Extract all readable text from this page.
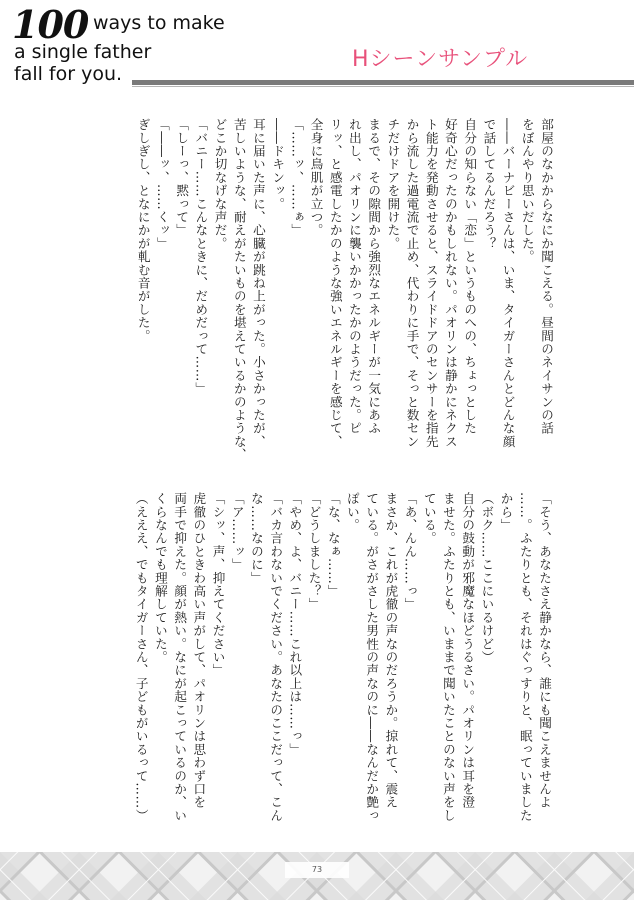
100 ways to make
a single father
fall for you.
Hシーンサンプル
部屋のなかからなにか聞こえる。昼間のネイサンの話
をぼんやり思いだした。
――バーナビーさんは、いま、タイガーさんとどんな顔
で話してるんだろう？
自分の知らない「恋」というものへの、ちょっとした
好奇心だったのかもしれない。パオリンは静かにネクス
ト能力を発動させると、スライドドアのセンサーを指先
から流した過電流で止め、代わりに手で、そっと数セン
チだけドアを開けた。
まるで、その隙間から強烈なエネルギーが一気にあふ
れ出し、パオリンに襲いかかったかのようだった。ピ
リッ、と感電したかのような強いエネルギーを感じて、
全身に鳥肌が立つ。
「……ッ、……ぁ」
――ドキンッ。
耳に届いた声に、心臓が跳ね上がった。小さかったが、
苦しいような、耐えがたいものを堪えているかのような、
どこか切なげな声だ。
「バニー……こんなときに、だめだって……」
「しーっ、黙って」
「――ッ、……くッ」
ぎしぎし、となにかが軋む音がした。
「そう、あなたさえ静かなら、誰にも聞こえませんよ
……。ふたりとも、それはぐっすりと、眠っていました
から」
（ボク……ここにいるけど）
自分の鼓動が邪魔なほどうるさい。パオリンは耳を澄
ませた。ふたりとも、いままで聞いたことのない声をし
ている。
「あ、んん……っ」
まさか、これが虎徹の声なのだろうか。掠れて、震え
ている。がさがさした男性の声なのに――なんだか艶っ
ぽい。
「な、なぁ……」
「どうしました？」
「やめ、よ、バニー……これ以上は……っ」
「バカ言わないでください。あなたのここだって、こん
な……なのに」
「ア……ッ」
「シッ、声、抑えてください」
虎徹のひときわ高い声がして、パオリンは思わず口を
両手で抑えた。顔が熱い。なにが起こっているのか、い
くらなんでも理解していた。
（えええ、でもタイガーさん、子どもがいるって……）
73
